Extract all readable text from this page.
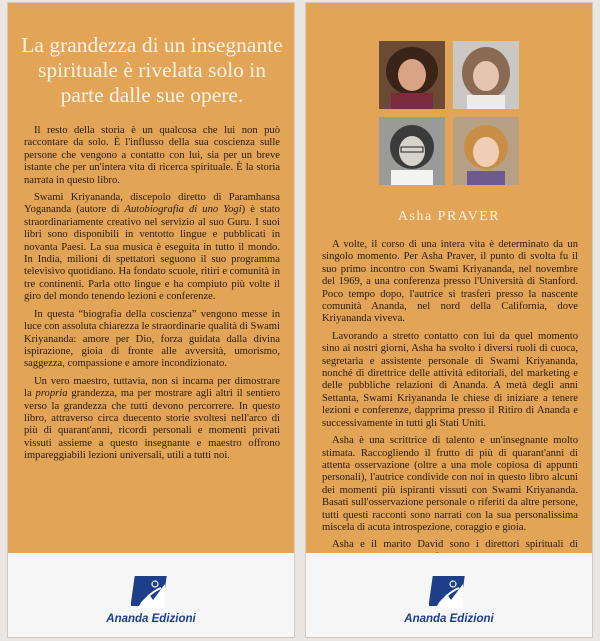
La grandezza di un insegnante spirituale è rivelata solo in parte dalle sue opere.

Il resto della storia è un qualcosa che lui non può raccontare da solo. È l'influsso della sua coscienza sulle persone che vengono a contatto con lui, sia per un breve istante che per un'intera vita di ricerca spirituale. È la storia narrata in questo libro.

Swami Kriyananda, discepolo diretto di Paramhansa Yogananda (autore di Autobiografia di uno Yogi) è stato straordinariamente creativo nel servizio al suo Guru. I suoi libri sono disponibili in ventotto lingue e pubblicati in novanta Paesi. La sua musica è eseguita in tutto il mondo. In India, milioni di spettatori seguono il suo programma televisivo quotidiano. Ha fondato scuole, ritiri e comunità in tre continenti. Parla otto lingue e ha compiuto più volte il giro del mondo tenendo lezioni e conferenze.

In questa “biografia della coscienza” vengono messe in luce con assoluta chiarezza le straordinarie qualità di Swami Kriyananda: amore per Dio, forza guidata dalla divina ispirazione, gioia di fronte alle avversità, umorismo, saggezza, compassione e amore incondizionato.

Un vero maestro, tuttavia, non si incarna per dimostrare la propria grandezza, ma per mostrare agli altri il sentiero verso la grandezza che tutti devono percorrere. In questo libro, attraverso circa duecento storie svoltesi nell'arco di più di quarant'anni, ricordi personali e momenti privati vissuti assieme a questo insegnante e maestro offrono impareggiabili lezioni universali, utili a tutti noi.

Ananda Edizioni
Asha PRAVER

A volte, il corso di una intera vita è determinato da un singolo momento. Per Asha Praver, il punto di svolta fu il suo primo incontro con Swami Kriyananda, nel novembre del 1969, a una conferenza presso l'Università di Stanford. Poco tempo dopo, l'autrice si trasferì presso la nascente comunità Ananda, nel nord della California, dove Kriyananda viveva.

Lavorando a stretto contatto con lui da quel momento sino ai nostri giorni, Asha ha svolto i diversi ruoli di cuoca, segretaria e assistente personale di Swami Kriyananda, nonché di direttrice delle attività editoriali, del marketing e delle pubbliche relazioni di Ananda. A metà degli anni Settanta, Swami Kriyananda le chiese di iniziare a tenere lezioni e conferenze, dapprima presso il Ritiro di Ananda e successivamente in tutti gli Stati Uniti.

Asha è una scrittrice di talento e un'insegnante molto stimata. Raccogliendo il frutto di più di quarant'anni di attenta osservazione (oltre a una mole copiosa di appunti personali), l'autrice condivide con noi in questo libro alcuni dei momenti più ispiranti vissuti con Swami Kriyananda. Basati sull'osservazione personale o riferiti da altre persone, tutti questi racconti sono narrati con la sua personalissima miscela di acuta introspezione, coraggio e gioia.

Asha e il marito David sono i direttori spirituali di

Ananda Edizioni
